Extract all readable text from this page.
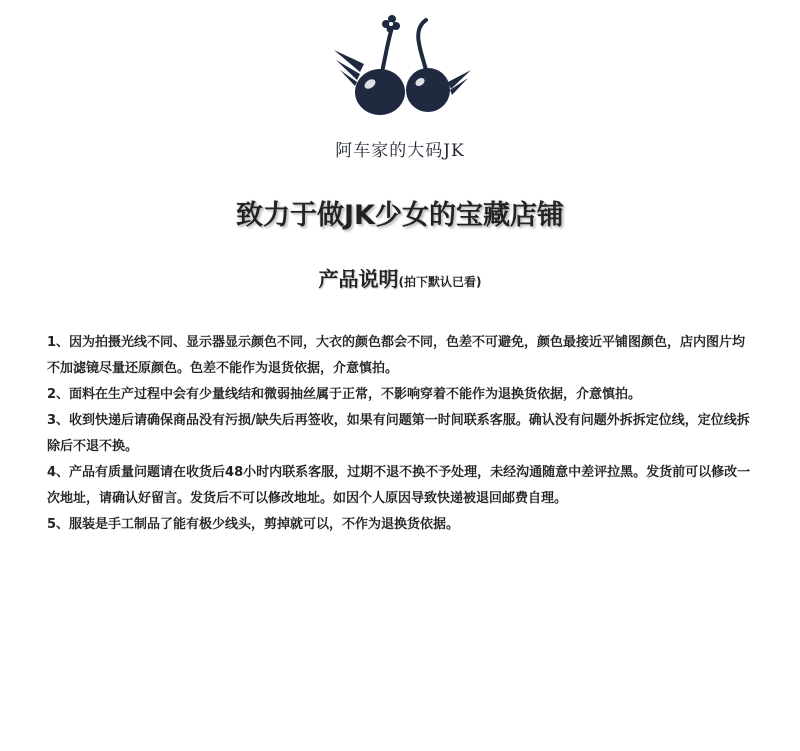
阿车家的大码JK
致力于做JK少女的宝藏店铺
产品说明(拍下默认已看)

1、因为拍摄光线不同、显示器显示颜色不同，大衣的颜色都会不同，色差不可避免，颜色最接近平铺图颜色，店内图片均不加滤镜尽量还原颜色。色差不能作为退货依据，介意慎拍。

2、面料在生产过程中会有少量线结和微弱抽丝属于正常，不影响穿着不能作为退换货依据，介意慎拍。

3、收到快递后请确保商品没有污损/缺失后再签收，如果有问题第一时间联系客服。确认没有问题外拆拆定位线，定位线拆除后不退不换。

4、产品有质量问题请在收货后48小时内联系客服，过期不退不换不予处理，未经沟通随意中差评拉黑。发货前可以修改一次地址，请确认好留言。发货后不可以修改地址。如因个人原因导致快递被退回邮费自理。

5、服装是手工制品了能有极少线头，剪掉就可以，不作为退换货依据。
